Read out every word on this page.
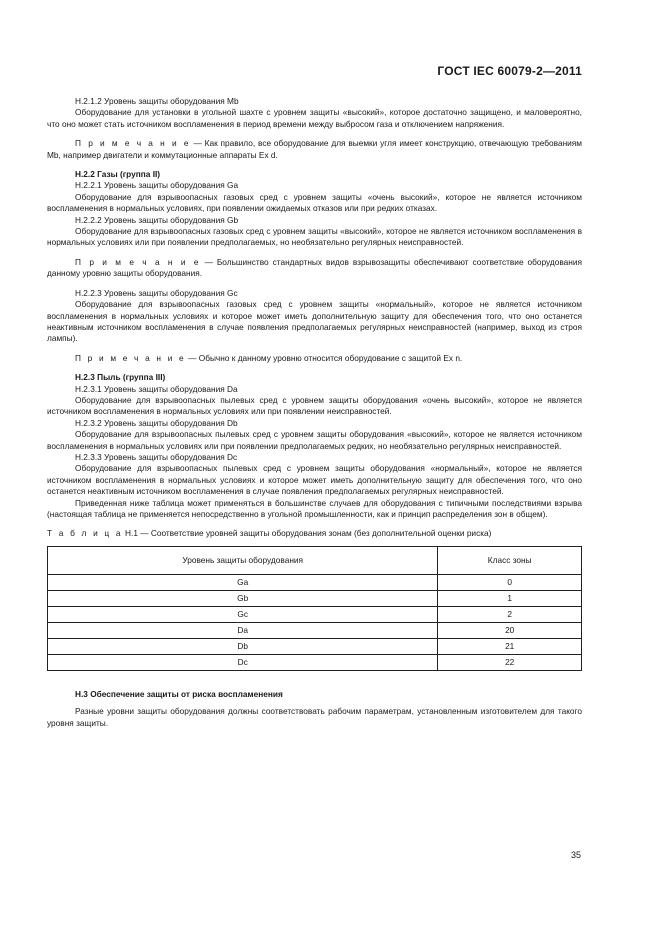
ГОСТ IEC 60079-2—2011

H.2.1.2 Уровень защиты оборудования Mb

Оборудование для установки в угольной шахте с уровнем защиты «высокий», которое достаточно защищено, и маловероятно, что оно может стать источником воспламенения в период времени между выбросом газа и отключением напряжения.

П р и м е ч а н и е — Как правило, все оборудование для выемки угля имеет конструкцию, отвечающую требованиям Mb, например двигатели и коммутационные аппараты Ex d.

H.2.2 Газы (группа II)

H.2.2.1 Уровень защиты оборудования Ga

Оборудование для взрывоопасных газовых сред с уровнем защиты «очень высокий», которое не является источником воспламенения в нормальных условиях, при появлении ожидаемых отказов или при редких отказах.

H.2.2.2 Уровень защиты оборудования Gb

Оборудование для взрывоопасных газовых сред с уровнем защиты «высокий», которое не является источником воспламенения в нормальных условиях или при появлении предполагаемых, но необязательно регулярных неисправностей.

П р и м е ч а н и е — Большинство стандартных видов взрывозащиты обеспечивают соответствие оборудования данному уровню защиты оборудования.

H.2.2.3 Уровень защиты оборудования Gc

Оборудование для взрывоопасных газовых сред с уровнем защиты «нормальный», которое не является источником воспламенения в нормальных условиях и которое может иметь дополнительную защиту для обеспечения того, что оно останется неактивным источником воспламенения в случае появления предполагаемых регулярных неисправностей (например, выход из строя лампы).

П р и м е ч а н и е — Обычно к данному уровню относится оборудование с защитой Ex n.

H.2.3 Пыль (группа III)

H.2.3.1 Уровень защиты оборудования Da

Оборудование для взрывоопасных пылевых сред с уровнем защиты оборудования «очень высокий», которое не является источником воспламенения в нормальных условиях или при появлении неисправностей.

H.2.3.2 Уровень защиты оборудования Db

Оборудование для взрывоопасных пылевых сред с уровнем защиты оборудования «высокий», которое не является источником воспламенения в нормальных условиях или при появлении предполагаемых редких, но необязательно регулярных неисправностей.

H.2.3.3 Уровень защиты оборудования Dc

Оборудование для взрывоопасных пылевых сред с уровнем защиты оборудования «нормальный», которое не является источником воспламенения в нормальных условиях и которое может иметь дополнительную защиту для обеспечения того, что оно останется неактивным источником воспламенения в случае появления предполагаемых регулярных неисправностей.

Приведенная ниже таблица может применяться в большинстве случаев для оборудования с типичными последствиями взрыва (настоящая таблица не применяется непосредственно в угольной промышленности, как и принцип распределения зон в общем).

Т а б л и ц а H.1 — Соответствие уровней защиты оборудования зонам (без дополнительной оценки риска)

Уровень защиты оборудования	Класс зоны
Ga	0
Gb	1
Gc	2
Da	20
Db	21
Dc	22

H.3 Обеспечение защиты от риска воспламенения

Разные уровни защиты оборудования должны соответствовать рабочим параметрам, установленным изготовителем для такого уровня защиты.

35
